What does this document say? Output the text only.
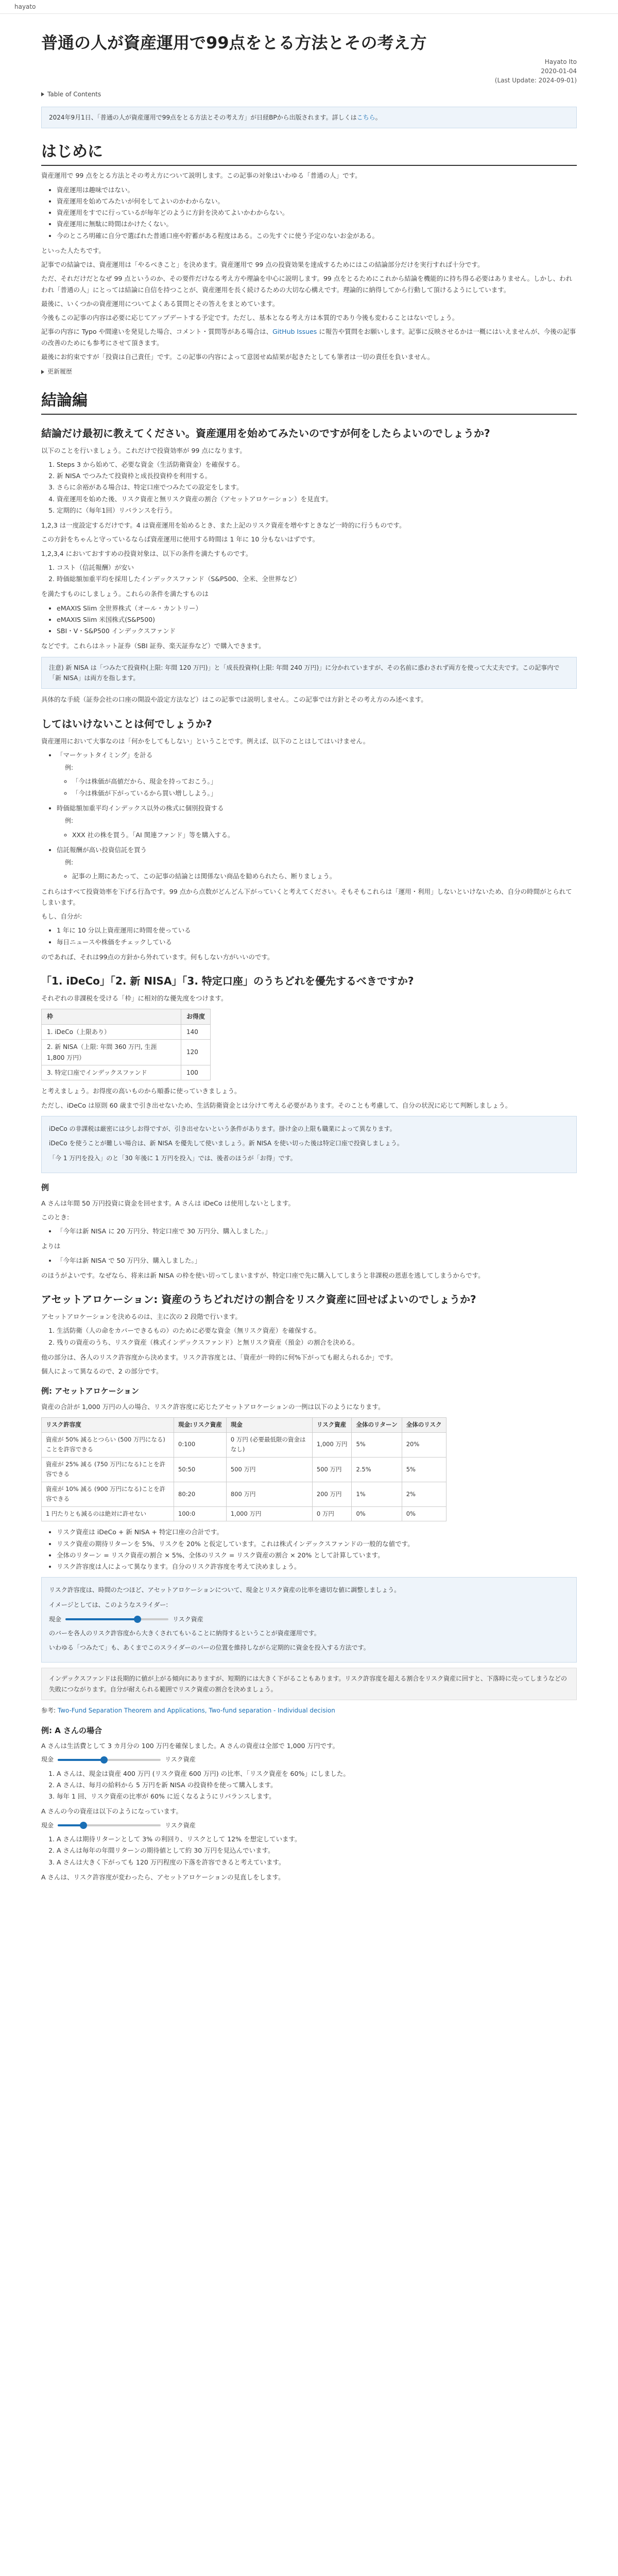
hayato
普通の人が資産運用で99点をとる方法とその考え方
Hayato Ito
2020-01-04
(Last Update: 2024-09-01)
Table of Contents
2024年9月1日、「普通の人が資産運用で99点をとる方法とその考え方」が日経BPから出版されます。詳しくはこちら。
はじめに

資産運用で 99 点をとる方法とその考え方について説明します。この記事の対象はいわゆる「普通の人」です。

• 資産運用は趣味ではない。
• 資産運用を始めてみたいが何をしてよいのかわからない。
• 資産運用をすでに行っているが毎年どのように方針を決めてよいかわからない。
• 資産運用に無駄に時間はかけたくない。
• 今のところ明確に自分で選ばれた普通口座や貯蓄がある程度はある。この先すぐに使う予定のないお金がある。

といった人たちです。

記事での結論では、資産運用は「やるべきこと」を決めます。資産運用で 99 点の投資効果を達成するためにはこの結論部分だけを実行すれば十分です。

ただ、それだけだとなぜ 99 点というのか、その要件だけなる考え方や理論を中心に説明します。99 点をとるためにこれから結論を機能的に持ち得る必要はありません。しかし、われわれ「普通の人」にとっては結論に自信を持つことが、資産運用を長く続けるための大切な心構えです。理論的に納得してから行動して頂けるようにしています。

最後に、いくつかの資産運用についてよくある質問とその答えをまとめています。

今後もこの記事の内容は必要に応じてアップデートする予定です。ただし、基本となる考え方は本質的であり今後も変わることはないでしょう。

記事の内容に Typo や間違いを発見した場合、コメント・質問等がある場合は、GitHub Issues に報告や質問をお願いします。記事に反映させるかは一概にはいえませんが、今後の記事の改善のためにも参考にさせて頂きます。

最後にお約束ですが「投資は自己責任」です。この記事の内容によって意図せぬ結果が起きたとしても筆者は一切の責任を負いません。

更新履歴
結論編
結論だけ最初に教えてください。資産運用を始めてみたいのですが何をしたらよいのでしょうか?

以下のことを行いましょう。これだけで投資効率が 99 点になります。

1. Steps 3 から始めて、必要な資金（生活防衛資金）を確保する。
2. 新 NISA でつみたて投資枠と成長投資枠を利用する。
3. さらに余裕がある場合は、特定口座でつみたての設定をします。
4. 資産運用を始めた後、リスク資産と無リスク資産の割合（アセットアロケーション）を見直す。
5. 定期的に（毎年1回）リバランスを行う。

1,2,3 は一度設定するだけです。4 は資産運用を始めるとき、また上記のリスク資産を増やすときなど一時的に行うものです。

この方針をちゃんと守っているならば資産運用に使用する時間は 1 年に 10 分もないはずです。

1,2,3,4 においておすすめの投資対象は、以下の条件を満たすものです。

1. コスト（信託報酬）が安い
2. 時価総額加重平均を採用したインデックスファンド（S&P500、全米、全世界など）

を満たすものにしましょう。これらの条件を満たすものは

• eMAXIS Slim 全世界株式（オール・カントリー）
• eMAXIS Slim 米国株式(S&P500)
• SBI・V・S&P500 インデックスファンド

などです。これらはネット証券（SBI 証券、楽天証券など）で購入できます。

注意) 新 NISA は「つみたて投資枠(上限: 年間 120 万円)」と「成長投資枠(上限: 年間 240 万円)」に分かれていますが、その名前に惑わされず両方を使って大丈夫です。この記事内で「新 NISA」は両方を指します。

具体的な手続（証券会社の口座の開設や設定方法など）はこの記事では説明しません。この記事では方針とその考え方のみ述べます。

してはいけないことは何でしょうか?

資産運用において大事なのは「何かをしてもしない」ということです。例えば、以下のことはしてはいけません。

• 「マーケットタイミング」を計る
例:
◦ 「今は株価が高値だから、現金を持っておこう。」
◦ 「今は株価が下がっているから買い増ししよう。」
• 時価総額加重平均インデックス以外の株式に個別投資する
例:
◦ XXX 社の株を買う。「AI 関連ファンド」等を購入する。
• 信託報酬が高い投資信託を買う
例:
◦ 記事の上期にあたって、この記事の結論とは関係ない商品を勧められたら、断りましょう。

これらはすべて投資効率を下げる行為です。99 点から点数がどんどん下がっていくと考えてください。そもそもこれらは「運用・利用」しないといけないため、自分の時間がとられてしまいます。

もし、自分が:

• 1 年に 10 分以上資産運用に時間を使っている
• 毎日ニュースや株価をチェックしている

のであれば、それは99点の方針から外れています。何もしない方がいいのです。

「1. iDeCo」「2. 新 NISA」「3. 特定口座」のうちどれを優先するべきですか?

それぞれの非課税を受ける「枠」に相対的な優先度をつけます。

枠	お得度
1. iDeCo（上限あり）	140
2. 新 NISA（上限: 年間 360 万円, 生涯 1,800 万円）	120
3. 特定口座でインデックスファンド	100

と考えましょう。お得度の高いものから順番に使っていきましょう。

ただし、iDeCo は原則 60 歳まで引き出せないため、生活防衛資金とは分けて考える必要があります。そのことも考慮して、自分の状況に応じて判断しましょう。

iDeCo の非課税は厳密には少しお得ですが、引き出せないという条件があります。掛け金の上限も職業によって異なります。

iDeCo を使うことが難しい場合は、新 NISA を優先して使いましょう。新 NISA を使い切った後は特定口座で投資しましょう。

「今 1 万円を投入」のと「30 年後に 1 万円を投入」では、後者のほうが「お得」です。

例

A さんは年間 50 万円投資に資金を回せます。A さんは iDeCo は使用しないとします。

このとき:

• 「今年は新 NISA に 20 万円分、特定口座で 30 万円分、購入しました。」

よりは

• 「今年は新 NISA で 50 万円分、購入しました。」

のほうがよいです。なぜなら、将来は新 NISA の枠を使い切ってしまいますが、特定口座で先に購入してしまうと非課税の恩恵を逃してしまうからです。

アセットアロケーション: 資産のうちどれだけの割合をリスク資産に回せばよいのでしょうか?

アセットアロケーションを決めるのは、主に次の 2 段階で行います。

1. 生活防衛（人の命をカバーできるもの）のために必要な資金（無リスク資産）を確保する。
2. 残りの資産のうち、リスク資産（株式インデックスファンド）と無リスク資産（預金）の割合を決める。

他の部分は、各人のリスク許容度から決めます。リスク許容度とは、「資産が一時的に何%下がっても耐えられるか」です。

個人によって異なるので、2 の部分です。

例: アセットアロケーション

資産の合計が 1,000 万円の人の場合、リスク許容度に応じたアセットアロケーションの一例は以下のようになります。

リスク許容度	現金:リスク資産	現金	リスク資産	全体のリターン	全体のリスク
資産が 50% 減るとつらい (500 万円になる)ことを許容できる	0:100	0 万円 (必要最低限の資金はなし)	1,000 万円	5%	20%
資産が 25% 減る (750 万円になる)ことを許容できる	50:50	500 万円	500 万円	2.5%	5%
資産が 10% 減る (900 万円になる)ことを許容できる	80:20	800 万円	200 万円	1%	2%
1 円たりとも減るのは絶対に許せない	100:0	1,000 万円	0 万円	0%	0%
• リスク資産は iDeCo + 新 NISA + 特定口座の合計です。
• リスク資産の期待リターンを 5%、リスクを 20% と仮定しています。これは株式インデックスファンドの一般的な値です。
• 全体のリターン = リスク資産の割合 × 5%、全体のリスク = リスク資産の割合 × 20% として計算しています。
• リスク許容度は人によって異なります。自分のリスク許容度を考えて決めましょう。

リスク許容度は、時間のたつほど、アセットアロケーションについて、現金とリスク資産の比率を適切な値に調整しましょう。

イメージとしては、このようなスライダー:

現金	リスク資産

のバーを各人のリスク許容度から大きくされてもいることに納得するということが資産運用です。

いわゆる「つみたて」も、あくまでこのスライダーのバーの位置を維持しながら定期的に資金を投入する方法です。

インデックスファンドは長期的に値が上がる傾向にありますが、短期的には大きく下がることもあります。リスク許容度を超える割合をリスク資産に回すと、下落時に売ってしまうなどの失敗につながります。自分が耐えられる範囲でリスク資産の割合を決めましょう。
参考: Two-Fund Separation Theorem and Applications, Two-fund separation - Individual decision
例: A さんの場合

A さんは生活費として 3 カ月分の 100 万円を確保しました。A さんの資産は全部で 1,000 万円です。

現金	リスク資産
1. A さんは、現金は資産 400 万円 (リスク資産 600 万円) の比率、「リスク資産を 60%」にしました。
2. A さんは、毎月の給料から 5 万円を新 NISA の投資枠を使って購入します。
3. 毎年 1 回、リスク資産の比率が 60% に近くなるようにリバランスします。

A さんの今の資産は以下のようになっています。

現金	リスク資産
1. A さんは期待リターンとして 3% の利回り、リスクとして 12% を想定しています。
2. A さんは毎年の年間リターンの期待値として約 30 万円を見込んでいます。
3. A さんは大きく下がっても 120 万円程度の下落を許容できると考えています。

A さんは、リスク許容度が変わったら、アセットアロケーションの見直しをします。
